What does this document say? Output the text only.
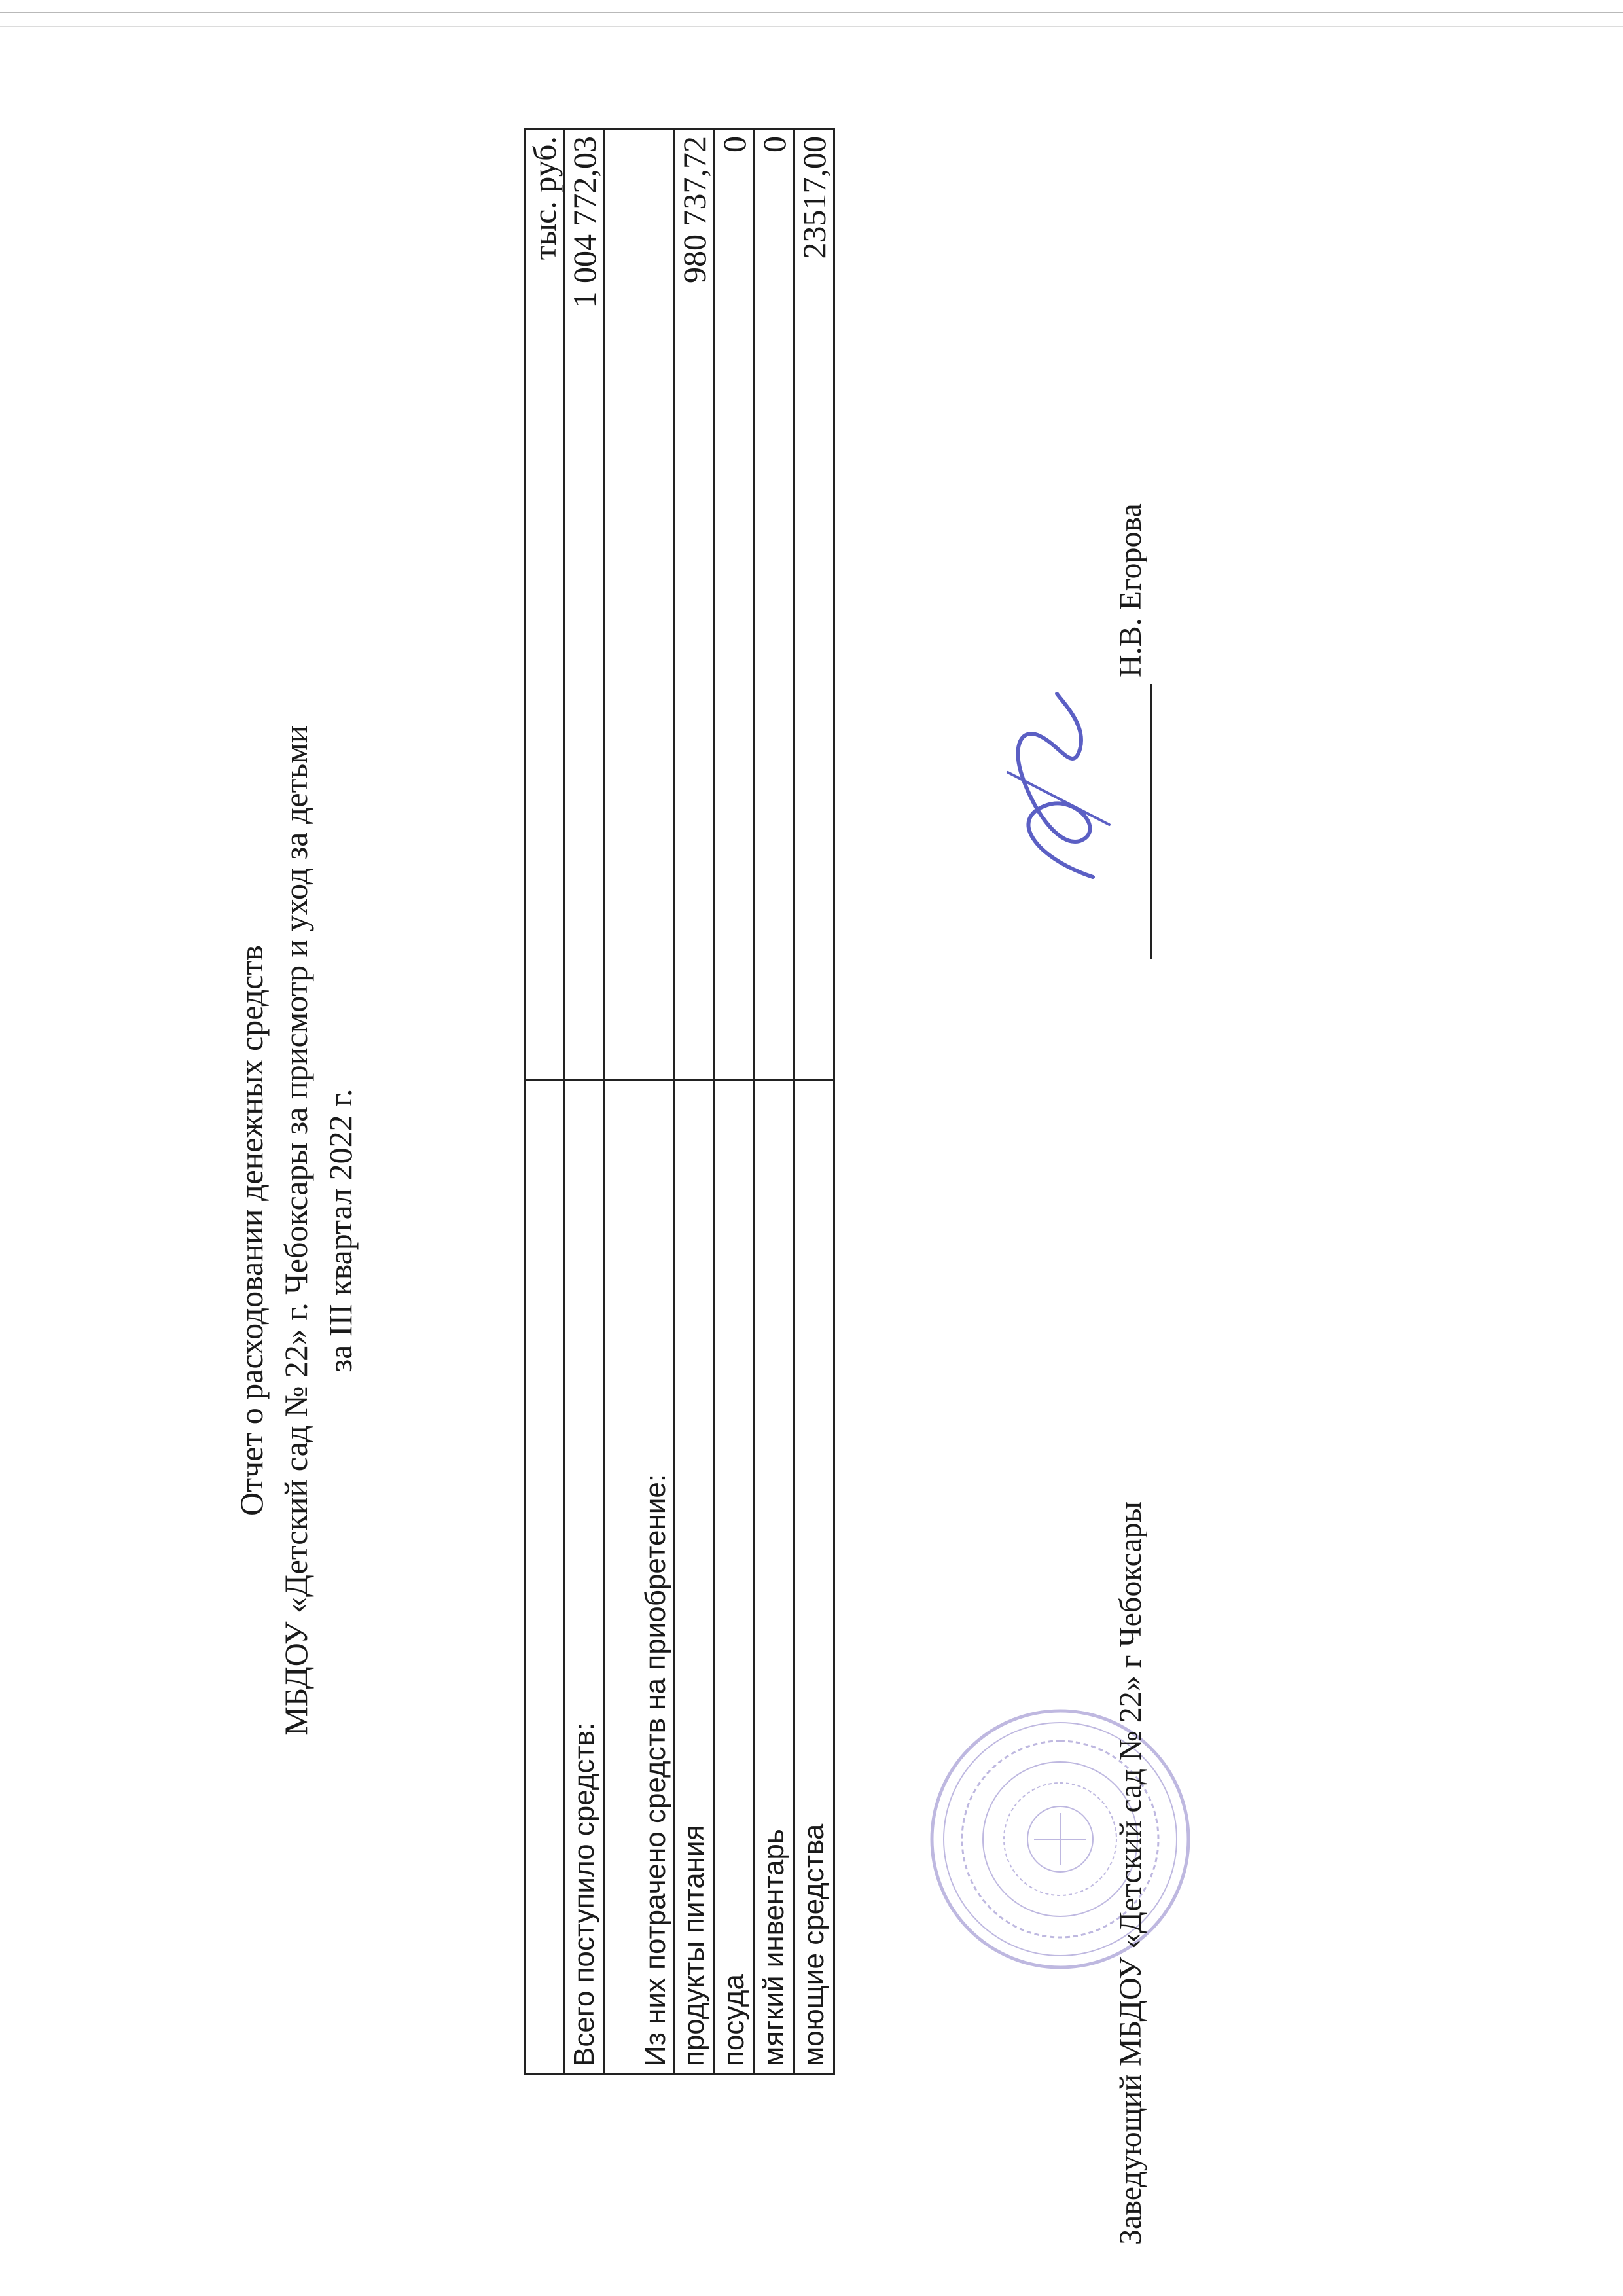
Отчет о расходовании денежных средств МБДОУ «Детский сад № 22» г. Чебоксары за присмотр и уход за детьми за III квартал 2022 г.
	тыс. руб.
Всего поступило средств:	1 004 772,03
Из них потрачено средств на приобретение:	
продукты питания	980 737,72
посуда	0
мягкий инвентарь	0
моющие средства	23517,00
Заведующий МБДОУ «Детский сад № 22» г Чебоксары
Н.В. Егорова
